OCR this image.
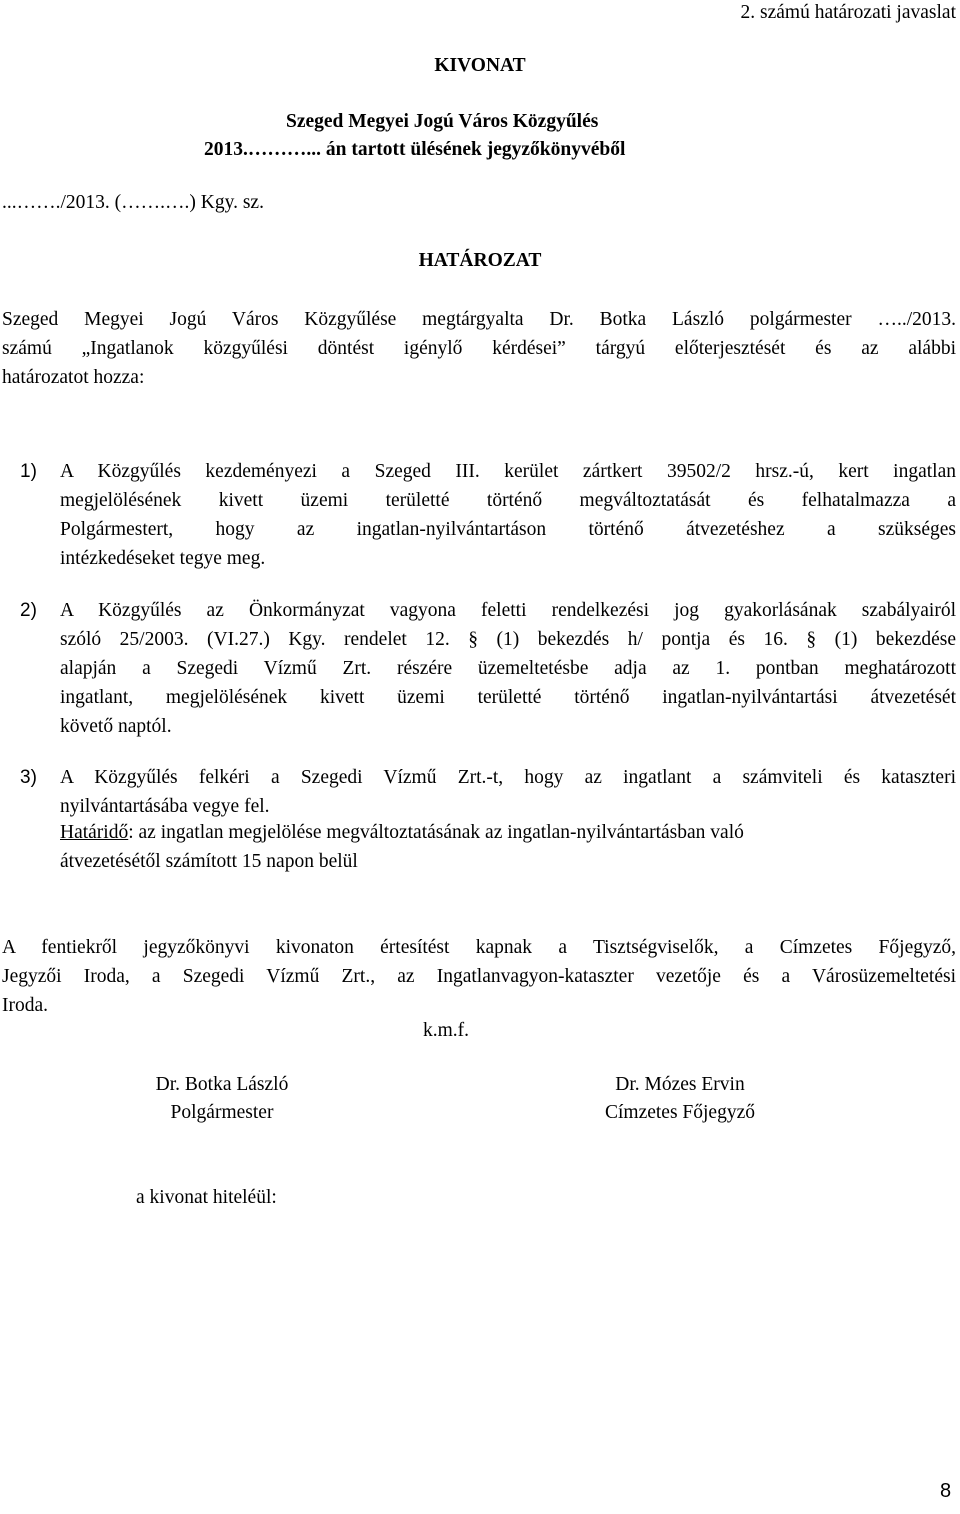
2. számú határozati javaslat
KIVONAT
Szeged Megyei Jogú Város Közgyűlés
2013.………... án tartott ülésének jegyzőkönyvéből
...……./2013. (…….….) Kgy. sz.
HATÁROZAT
Szeged Megyei Jogú Város Közgyűlése megtárgyalta Dr. Botka László polgármester …../2013.
számú „Ingatlanok közgyűlési döntést igénylő kérdései” tárgyú előterjesztését és az alábbi
határozatot hozza:
1) A Közgyűlés kezdeményezi a Szeged III. kerület zártkert 39502/2 hrsz.-ú, kert ingatlan
megjelölésének kivett üzemi területté történő megváltoztatását és felhatalmazza a
Polgármestert, hogy az ingatlan-nyilvántartáson történő átvezetéshez a szükséges
intézkedéseket tegye meg.
2) A Közgyűlés az Önkormányzat vagyona feletti rendelkezési jog gyakorlásának szabályairól
szóló 25/2003. (VI.27.) Kgy. rendelet 12. § (1) bekezdés h/ pontja és 16. § (1) bekezdése
alapján a Szegedi Vízmű Zrt. részére üzemeltetésbe adja az 1. pontban meghatározott
ingatlant, megjelölésének kivett üzemi területté történő ingatlan-nyilvántartási átvezetését
követő naptól.
3) A Közgyűlés felkéri a Szegedi Vízmű Zrt.-t, hogy az ingatlant a számviteli és kataszteri
nyilvántartásába vegye fel.
Határidő: az ingatlan megjelölése megváltoztatásának az ingatlan-nyilvántartásban való
átvezetésétől számított 15 napon belül
A fentiekről jegyzőkönyvi kivonaton értesítést kapnak a Tisztségviselők, a Címzetes Főjegyző,
Jegyzői Iroda, a Szegedi Vízmű Zrt., az Ingatlanvagyon-kataszter vezetője és a Városüzemeltetési
Iroda.
k.m.f.
Dr. Botka László
Polgármester
Dr. Mózes Ervin
Címzetes Főjegyző
a kivonat hiteléül:
8
